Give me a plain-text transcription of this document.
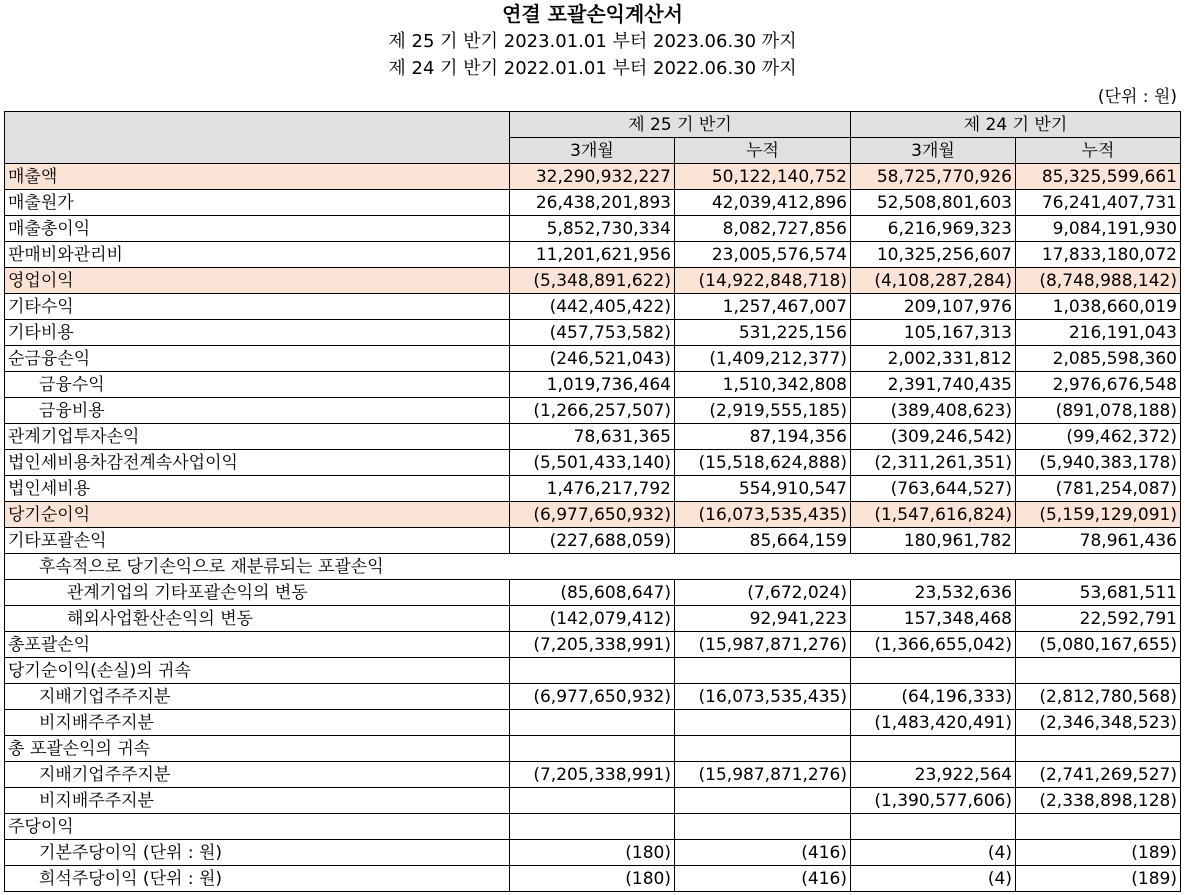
연결 포괄손익계산서
제 25 기 반기 2023.01.01 부터 2023.06.30 까지
제 24 기 반기 2022.01.01 부터 2022.06.30 까지
(단위 : 원)
	제 25 기 반기		제 24 기 반기	
	3개월	누적	3개월	누적
매출액	32,290,932,227	50,122,140,752	58,725,770,926	85,325,599,661
매출원가	26,438,201,893	42,039,412,896	52,508,801,603	76,241,407,731
매출총이익	5,852,730,334	8,082,727,856	6,216,969,323	9,084,191,930
판매비와관리비	11,201,621,956	23,005,576,574	10,325,256,607	17,833,180,072
영업이익	(5,348,891,622)	(14,922,848,718)	(4,108,287,284)	(8,748,988,142)
기타수익	(442,405,422)	1,257,467,007	209,107,976	1,038,660,019
기타비용	(457,753,582)	531,225,156	105,167,313	216,191,043
순금융손익	(246,521,043)	(1,409,212,377)	2,002,331,812	2,085,598,360
금융수익	1,019,736,464	1,510,342,808	2,391,740,435	2,976,676,548
금융비용	(1,266,257,507)	(2,919,555,185)	(389,408,623)	(891,078,188)
관계기업투자손익	78,631,365	87,194,356	(309,246,542)	(99,462,372)
법인세비용차감전계속사업이익	(5,501,433,140)	(15,518,624,888)	(2,311,261,351)	(5,940,383,178)
법인세비용	1,476,217,792	554,910,547	(763,644,527)	(781,254,087)
당기순이익	(6,977,650,932)	(16,073,535,435)	(1,547,616,824)	(5,159,129,091)
기타포괄손익	(227,688,059)	85,664,159	180,961,782	78,961,436
후속적으로 당기손익으로 재분류되는 포괄손익				
관계기업의 기타포괄손익의 변동	(85,608,647)	(7,672,024)	23,532,636	53,681,511
해외사업환산손익의 변동	(142,079,412)	92,941,223	157,348,468	22,592,791
총포괄손익	(7,205,338,991)	(15,987,871,276)	(1,366,655,042)	(5,080,167,655)
당기순이익(손실)의 귀속				
지배기업주주지분	(6,977,650,932)	(16,073,535,435)	(64,196,333)	(2,812,780,568)
비지배주주지분			(1,483,420,491)	(2,346,348,523)
총 포괄손익의 귀속				
지배기업주주지분	(7,205,338,991)	(15,987,871,276)	23,922,564	(2,741,269,527)
비지배주주지분			(1,390,577,606)	(2,338,898,128)
주당이익				
기본주당이익 (단위 : 원)	(180)	(416)	(4)	(189)
희석주당이익 (단위 : 원)	(180)	(416)	(4)	(189)
